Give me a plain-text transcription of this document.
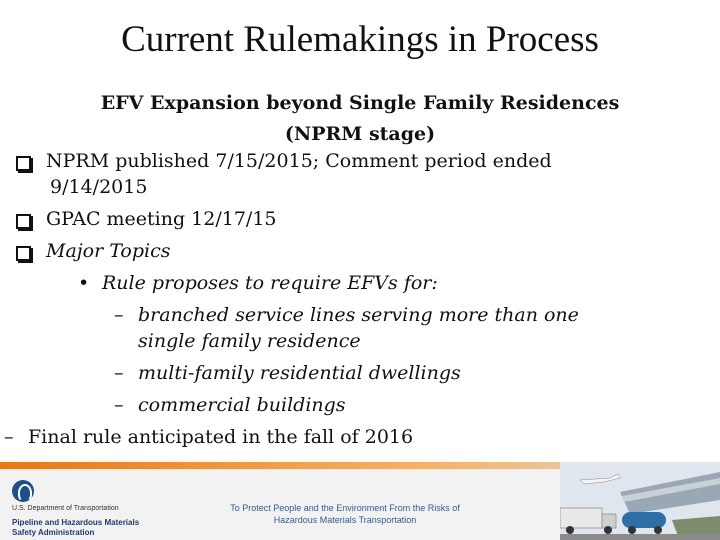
Current Rulemakings in Process
EFV Expansion beyond Single Family Residences
(NPRM stage)
NPRM published 7/15/2015; Comment period ended
9/14/2015
GPAC meeting 12/17/15
Major Topics
• Rule proposes to require EFVs for:
– branched service lines serving more than one
single family residence
– multi-family residential dwellings
– commercial buildings
– Final rule anticipated in the fall of 2016
U.S. Department of Transportation
Pipeline and Hazardous Materials
Safety Administration
To Protect People and the Environment From the Risks of
Hazardous Materials Transportation
